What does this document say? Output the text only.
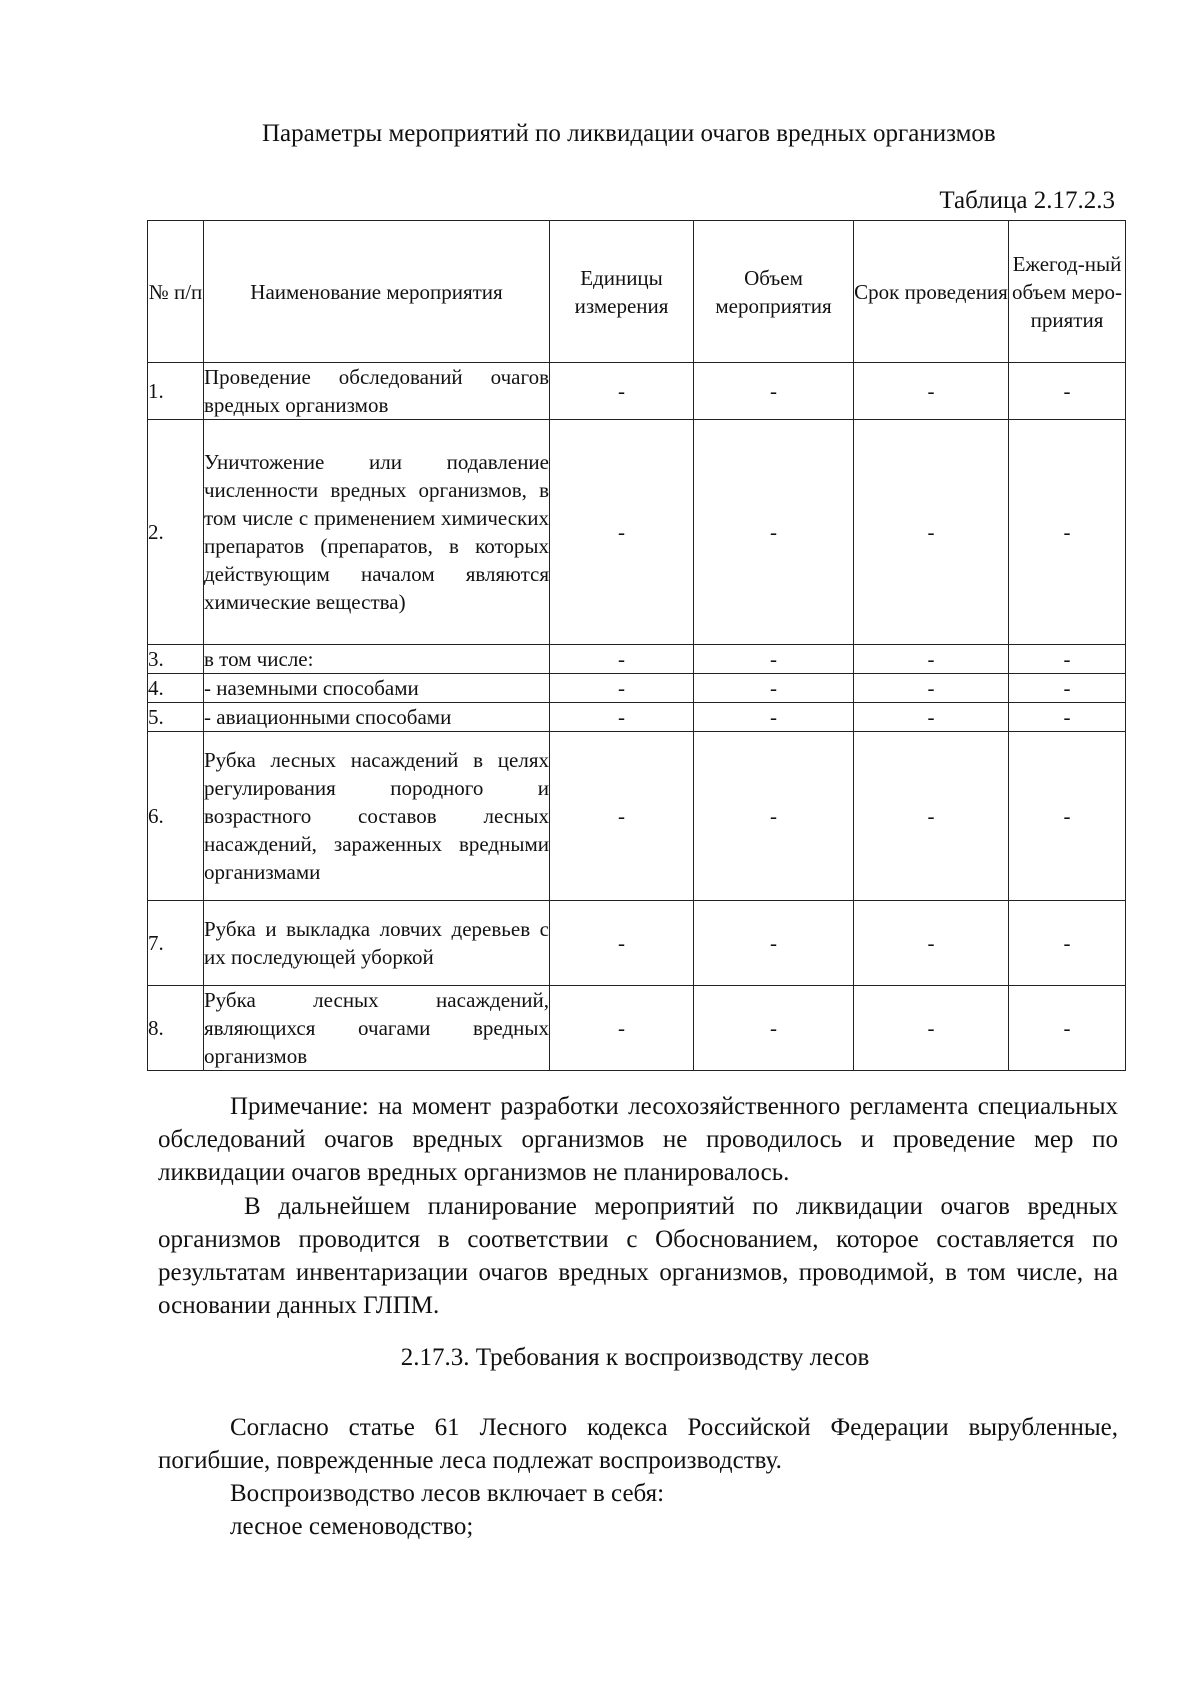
Параметры мероприятий по ликвидации очагов вредных организмов
Таблица 2.17.2.3
№ п/п	Наименование мероприятия	Единицы измерения	Объем мероприятия	Срок проведения	Ежегод-ный объем меро-приятия
1.	Проведение обследований очагов вредных организмов	-	-	-	-
2.	Уничтожение или подавление численности вредных организмов, в том числе с применением химических препаратов (препаратов, в которых действующим началом являются химические вещества)	-	-	-	-
3.	в том числе:	-	-	-	-
4.	- наземными способами	-	-	-	-
5.	- авиационными способами	-	-	-	-
6.	Рубка лесных насаждений в целях регулирования породного и возрастного составов лесных насаждений, зараженных вредными организмами	-	-	-	-
7.	Рубка и выкладка ловчих деревьев с их последующей уборкой	-	-	-	-
8.	Рубка лесных насаждений, являющихся очагами вредных организмов	-	-	-	-

Примечание: на момент разработки лесохозяйственного регламента специальных обследований очагов вредных организмов не проводилось и проведение мер по ликвидации очагов вредных организмов не планировалось.

В дальнейшем планирование мероприятий по ликвидации очагов вредных организмов проводится в соответствии с Обоснованием, которое составляется по результатам инвентаризации очагов вредных организмов, проводимой, в том числе, на основании данных ГЛПМ.

2.17.3. Требования к воспроизводству лесов

Согласно статье 61 Лесного кодекса Российской Федерации вырубленные, погибшие, поврежденные леса подлежат воспроизводству.

Воспроизводство лесов включает в себя:

лесное семеноводство;
